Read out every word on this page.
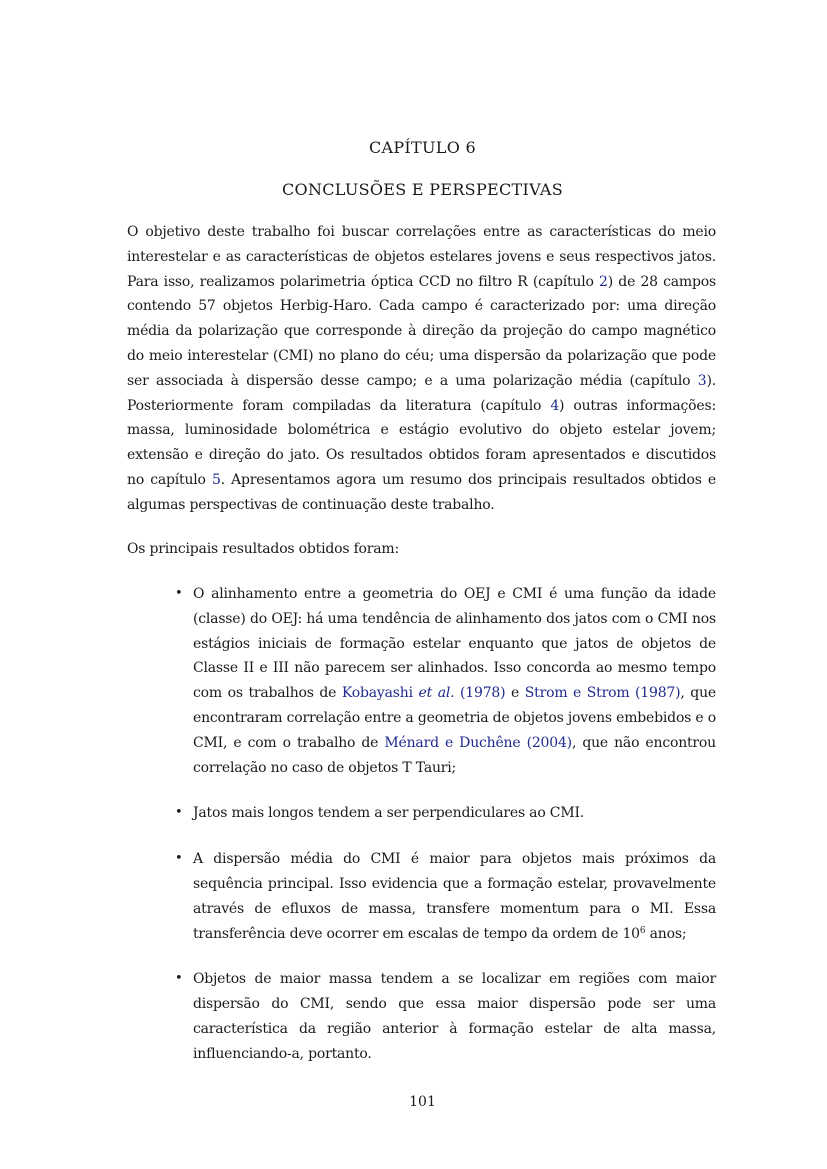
CAPÍTULO 6
CONCLUSÕES E PERSPECTIVAS

O objetivo deste trabalho foi buscar correlações entre as características do meio interestelar e as características de objetos estelares jovens e seus respectivos jatos. Para isso, realizamos polarimetria óptica CCD no filtro R (capítulo 2) de 28 campos contendo 57 objetos Herbig-Haro. Cada campo é caracterizado por: uma direção média da polarização que corresponde à direção da projeção do campo magnético do meio interestelar (CMI) no plano do céu; uma dispersão da polarização que pode ser associada à dispersão desse campo; e a uma polarização média (capítulo 3). Posteriormente foram compiladas da literatura (capítulo 4) outras informações: massa, luminosidade bolométrica e estágio evolutivo do objeto estelar jovem; extensão e direção do jato. Os resultados obtidos foram apresentados e discutidos no capítulo 5. Apresentamos agora um resumo dos principais resultados obtidos e algumas perspectivas de continuação deste trabalho.

Os principais resultados obtidos foram:

• O alinhamento entre a geometria do OEJ e CMI é uma função da idade (classe) do OEJ: há uma tendência de alinhamento dos jatos com o CMI nos estágios iniciais de formação estelar enquanto que jatos de objetos de Classe II e III não parecem ser alinhados. Isso concorda ao mesmo tempo com os trabalhos de Kobayashi et al. (1978) e Strom e Strom (1987), que encontraram correlação entre a geometria de objetos jovens embebidos e o CMI, e com o trabalho de Ménard e Duchêne (2004), que não encontrou correlação no caso de objetos T Tauri;
• Jatos mais longos tendem a ser perpendiculares ao CMI.
• A dispersão média do CMI é maior para objetos mais próximos da sequência principal. Isso evidencia que a formação estelar, provavelmente através de efluxos de massa, transfere momentum para o MI. Essa transferência deve ocorrer em escalas de tempo da ordem de $10^6$ anos;
• Objetos de maior massa tendem a se localizar em regiões com maior dispersão do CMI, sendo que essa maior dispersão pode ser uma característica da região anterior à formação estelar de alta massa, influenciando-a, portanto.
101
